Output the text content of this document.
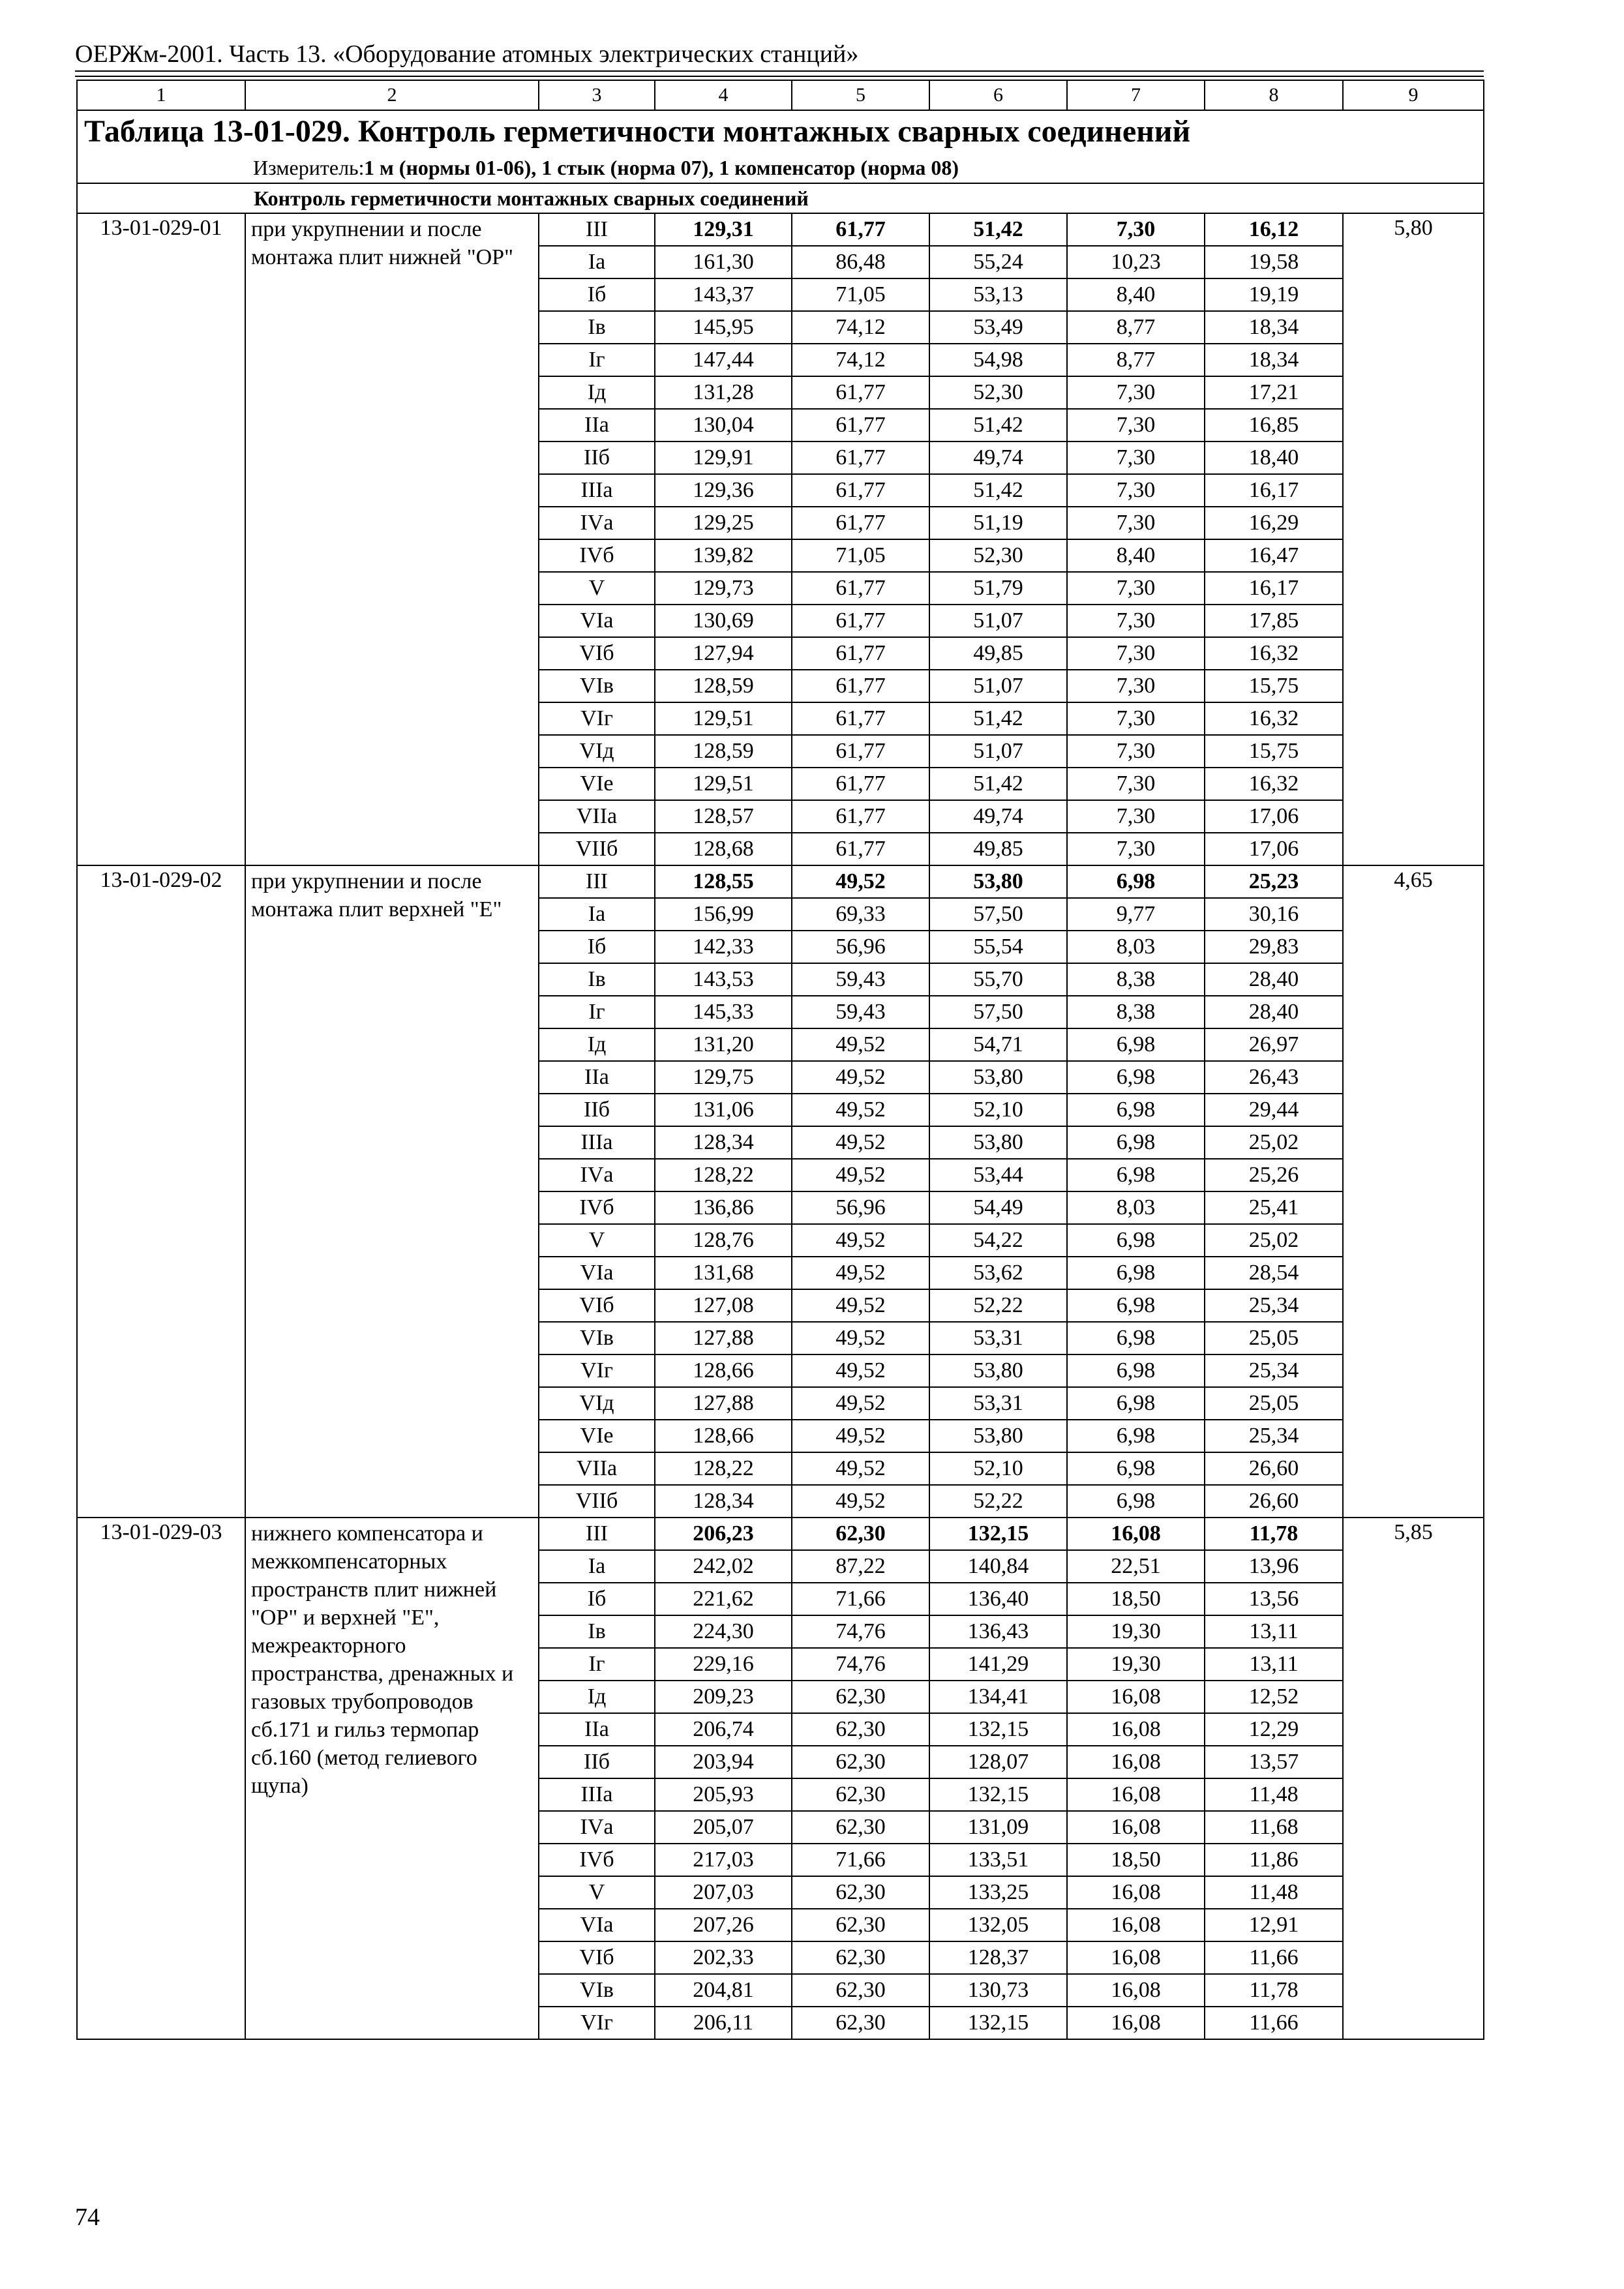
ОЕРЖм-2001. Часть 13. «Оборудование атомных электрических станций»
1	2	3	4	5	6	7	8	9
Таблица 13-01-029. Контроль герметичности монтажных сварных соединений								
Измеритель:1 м (нормы 01-06), 1 стык (норма 07), 1 компенсатор (норма 08)								
Контроль герметичности монтажных сварных соединений								
13-01-029-01	при укрупнении и после монтажа плит нижней "ОР"	III	129,31	61,77	51,42	7,30	16,12	5,80
		Iа	161,30	86,48	55,24	10,23	19,58	
		Iб	143,37	71,05	53,13	8,40	19,19	
		Iв	145,95	74,12	53,49	8,77	18,34	
		Iг	147,44	74,12	54,98	8,77	18,34	
		Iд	131,28	61,77	52,30	7,30	17,21	
		IIа	130,04	61,77	51,42	7,30	16,85	
		IIб	129,91	61,77	49,74	7,30	18,40	
		IIIа	129,36	61,77	51,42	7,30	16,17	
		IVа	129,25	61,77	51,19	7,30	16,29	
		IVб	139,82	71,05	52,30	8,40	16,47	
		V	129,73	61,77	51,79	7,30	16,17	
		VIа	130,69	61,77	51,07	7,30	17,85	
		VIб	127,94	61,77	49,85	7,30	16,32	
		VIв	128,59	61,77	51,07	7,30	15,75	
		VIг	129,51	61,77	51,42	7,30	16,32	
		VIд	128,59	61,77	51,07	7,30	15,75	
		VIе	129,51	61,77	51,42	7,30	16,32	
		VIIа	128,57	61,77	49,74	7,30	17,06	
		VIIб	128,68	61,77	49,85	7,30	17,06	
13-01-029-02	при укрупнении и после монтажа плит верхней "Е"	III	128,55	49,52	53,80	6,98	25,23	4,65
		Iа	156,99	69,33	57,50	9,77	30,16	
		Iб	142,33	56,96	55,54	8,03	29,83	
		Iв	143,53	59,43	55,70	8,38	28,40	
		Iг	145,33	59,43	57,50	8,38	28,40	
		Iд	131,20	49,52	54,71	6,98	26,97	
		IIа	129,75	49,52	53,80	6,98	26,43	
		IIб	131,06	49,52	52,10	6,98	29,44	
		IIIа	128,34	49,52	53,80	6,98	25,02	
		IVа	128,22	49,52	53,44	6,98	25,26	
		IVб	136,86	56,96	54,49	8,03	25,41	
		V	128,76	49,52	54,22	6,98	25,02	
		VIа	131,68	49,52	53,62	6,98	28,54	
		VIб	127,08	49,52	52,22	6,98	25,34	
		VIв	127,88	49,52	53,31	6,98	25,05	
		VIг	128,66	49,52	53,80	6,98	25,34	
		VIд	127,88	49,52	53,31	6,98	25,05	
		VIе	128,66	49,52	53,80	6,98	25,34	
		VIIа	128,22	49,52	52,10	6,98	26,60	
		VIIб	128,34	49,52	52,22	6,98	26,60	
13-01-029-03	нижнего компенсатора и межкомпенсаторных пространств плит нижней "ОР" и верхней "Е", межреакторного пространства, дренажных и газовых трубопроводов сб.171 и гильз термопар сб.160 (метод гелиевого щупа)	III	206,23	62,30	132,15	16,08	11,78	5,85
		Iа	242,02	87,22	140,84	22,51	13,96	
		Iб	221,62	71,66	136,40	18,50	13,56	
		Iв	224,30	74,76	136,43	19,30	13,11	
		Iг	229,16	74,76	141,29	19,30	13,11	
		Iд	209,23	62,30	134,41	16,08	12,52	
		IIа	206,74	62,30	132,15	16,08	12,29	
		IIб	203,94	62,30	128,07	16,08	13,57	
		IIIа	205,93	62,30	132,15	16,08	11,48	
		IVа	205,07	62,30	131,09	16,08	11,68	
		IVб	217,03	71,66	133,51	18,50	11,86	
		V	207,03	62,30	133,25	16,08	11,48	
		VIа	207,26	62,30	132,05	16,08	12,91	
		VIб	202,33	62,30	128,37	16,08	11,66	
		VIв	204,81	62,30	130,73	16,08	11,78	
		VIг	206,11	62,30	132,15	16,08	11,66	
74
